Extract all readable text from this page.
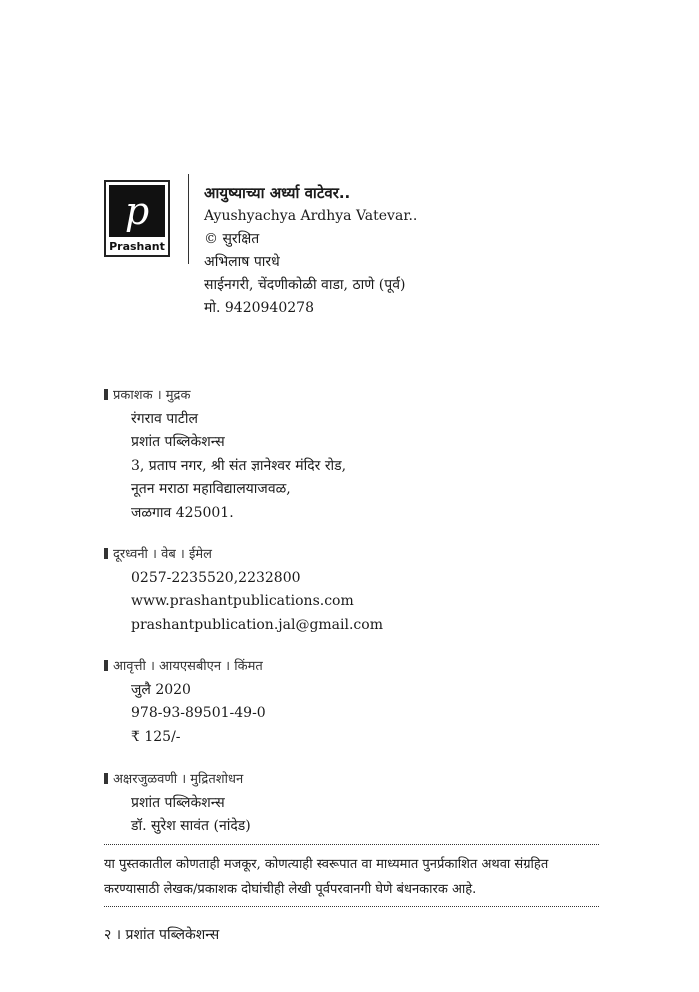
p
Prashant
आयुष्याच्या अर्ध्या वाटेवर..
Ayushyachya Ardhya Vatevar..
© सुरक्षित
अभिलाष पारधे
साईनगरी, चेंदणीकोळी वाडा, ठाणे (पूर्व)
मो. 9420940278
प्रकाशक । मुद्रक
रंगराव पाटील
प्रशांत पब्लिकेशन्स
3, प्रताप नगर, श्री संत ज्ञानेश्वर मंदिर रोड,
नूतन मराठा महाविद्यालयाजवळ,
जळगाव 425001.
दूरध्वनी । वेब । ईमेल
0257-2235520,2232800
www.prashantpublications.com
prashantpublication.jal@gmail.com
आवृत्ती । आयएसबीएन । किंमत
जुलै 2020
978-93-89501-49-0
₹ 125/-
अक्षरजुळवणी । मुद्रितशोधन
प्रशांत पब्लिकेशन्स
डॉ. सुरेश सावंत (नांदेड)
या पुस्तकातील कोणताही मजकूर, कोणत्याही स्वरूपात वा माध्यमात पुनर्प्रकाशित अथवा संग्रहित करण्यासाठी लेखक/प्रकाशक दोघांचीही लेखी पूर्वपरवानगी घेणे बंधनकारक आहे.
२ । प्रशांत पब्लिकेशन्स
